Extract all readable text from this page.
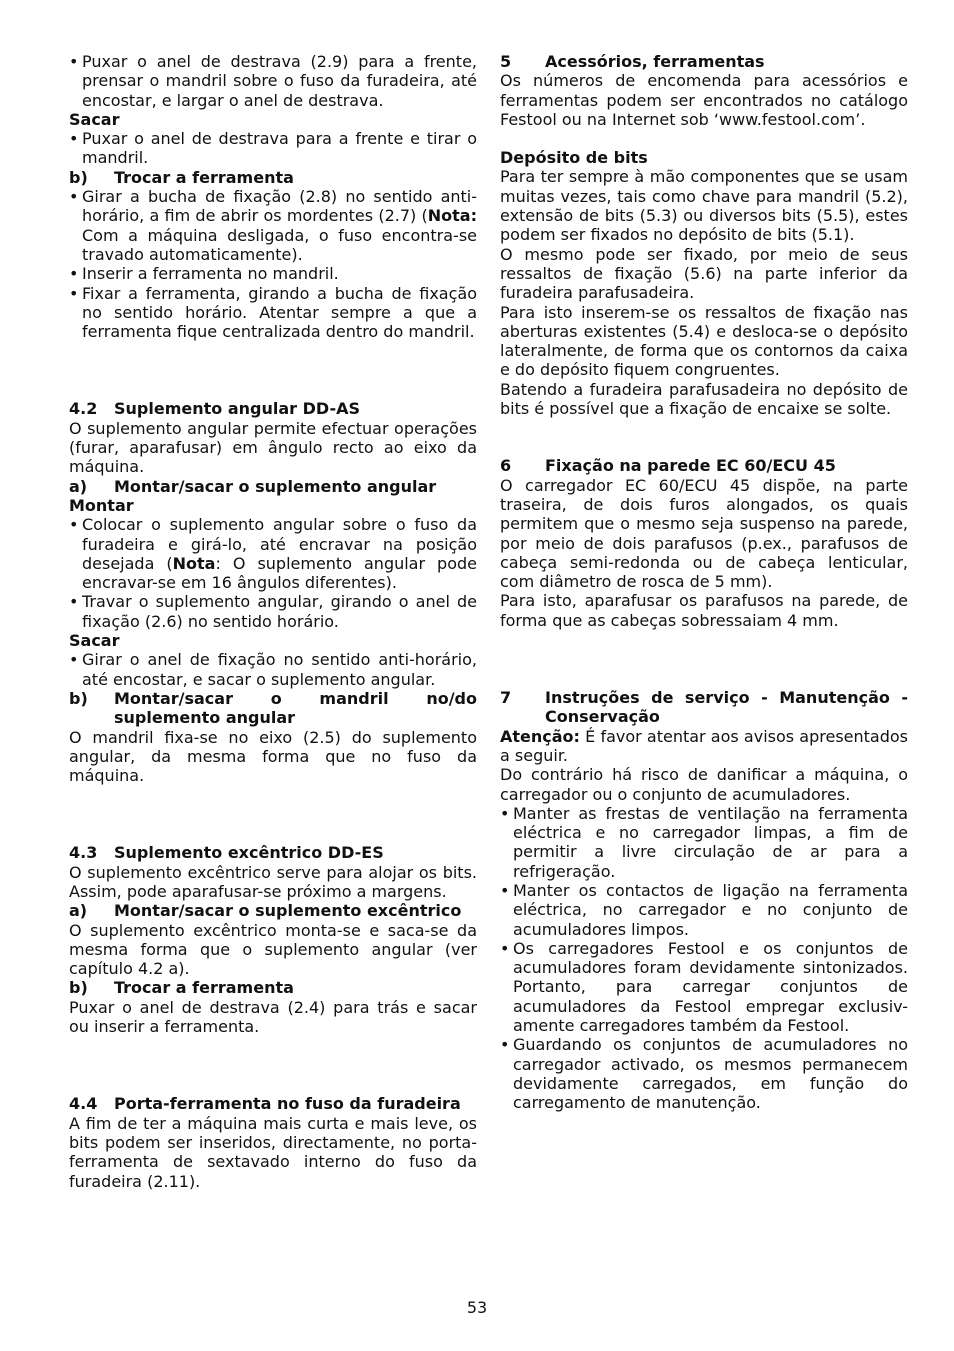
• Puxar o anel de destrava (2.9) para a frente, prensar o mandril sobre o fuso da furadeira, até encostar, e largar o anel de destrava.

Sacar

• Puxar o anel de destrava para a frente e tirar o mandril.

b) Trocar a ferramenta

• Girar a bucha de fixação (2.8) no sentido anti-horário, a fim de abrir os mordentes (2.7) (Nota: Com a máquina desligada, o fuso encontra-se travado automaticamente).
• Inserir a ferramenta no mandril.
• Fixar a ferramenta, girando a bucha de fixação no sentido horário. Atentar sempre a que a ferramenta fique centralizada dentro do mandril.

4.2 Suplemento angular DD-AS

O suplemento angular permite efectuar operações (furar, aparafusar) em ângulo recto ao eixo da máquina.

a) Montar/sacar o suplemento angular

Montar

• Colocar o suplemento angular sobre o fuso da furadeira e girá-lo, até encravar na posição desejada (Nota: O suplemento angular pode encravar-se em 16 ângulos diferentes).
• Travar o suplemento angular, girando o anel de fixação (2.6) no sentido horário.

Sacar

• Girar o anel de fixação no sentido anti-horário, até encostar, e sacar o suplemento angular.

b) Montar/sacar o mandril no/do suplemento angular

O mandril fixa-se no eixo (2.5) do suplemento angular, da mesma forma que no fuso da máquina.

4.3 Suplemento excêntrico DD-ES

O suplemento excêntrico serve para alojar os bits. Assim, pode aparafusar-se próximo a margens.

a) Montar/sacar o suplemento excêntrico

O suplemento excêntrico monta-se e saca-se da mesma forma que o suplemento angular (ver capítulo 4.2 a).

b) Trocar a ferramenta

Puxar o anel de destrava (2.4) para trás e sacar ou inserir a ferramenta.

4.4 Porta-ferramenta no fuso da furadeira

A fim de ter a máquina mais curta e mais leve, os bits podem ser inseridos, directamente, no porta-ferramenta de sextavado interno do fuso da furadeira (2.11).

5 Acessórios, ferramentas

Os números de encomenda para acessórios e ferramentas podem ser encontrados no catálogo Festool ou na Internet sob ‘www.festool.com’.

Depósito de bits

Para ter sempre à mão componentes que se usam muitas vezes, tais como chave para mandril (5.2), extensão de bits (5.3) ou diversos bits (5.5), estes podem ser fixados no depósito de bits (5.1).

O mesmo pode ser fixado, por meio de seus ressaltos de fixação (5.6) na parte inferior da furadeira parafusadeira.

Para isto inserem-se os ressaltos de fixação nas aberturas existentes (5.4) e desloca-se o depósito lateralmente, de forma que os contornos da caixa e do depósito fiquem congruentes.

Batendo a furadeira parafusadeira no depósito de bits é possível que a fixação de encaixe se solte.

6 Fixação na parede EC 60/ECU 45

O carregador EC 60/ECU 45 dispõe, na parte traseira, de dois furos alongados, os quais permitem que o mesmo seja suspenso na parede, por meio de dois parafusos (p.ex., parafusos de cabeça semi-redonda ou de cabeça lenticular, com diâmetro de rosca de 5 mm).

Para isto, aparafusar os parafusos na parede, de forma que as cabeças sobressaiam 4 mm.

7 Instruções de serviço - Manutenção - Conservação

Atenção: É favor atentar aos avisos apresentados a seguir.

Do contrário há risco de danificar a máquina, o carregador ou o conjunto de acumuladores.

• Manter as frestas de ventilação na ferramenta eléctrica e no carregador limpas, a fim de permitir a livre circulação de ar para a refrigeração.
• Manter os contactos de ligação na ferramenta eléctrica, no carregador e no conjunto de acumuladores limpos.
• Os carregadores Festool e os conjuntos de acumuladores foram devidamente sintonizados. Portanto, para carregar conjuntos de acumuladores da Festool empregar exclusiv-amente carregadores também da Festool.
• Guardando os conjuntos de acumuladores no carregador activado, os mesmos permanecem devidamente carregados, em função do carregamento de manutenção.
53
